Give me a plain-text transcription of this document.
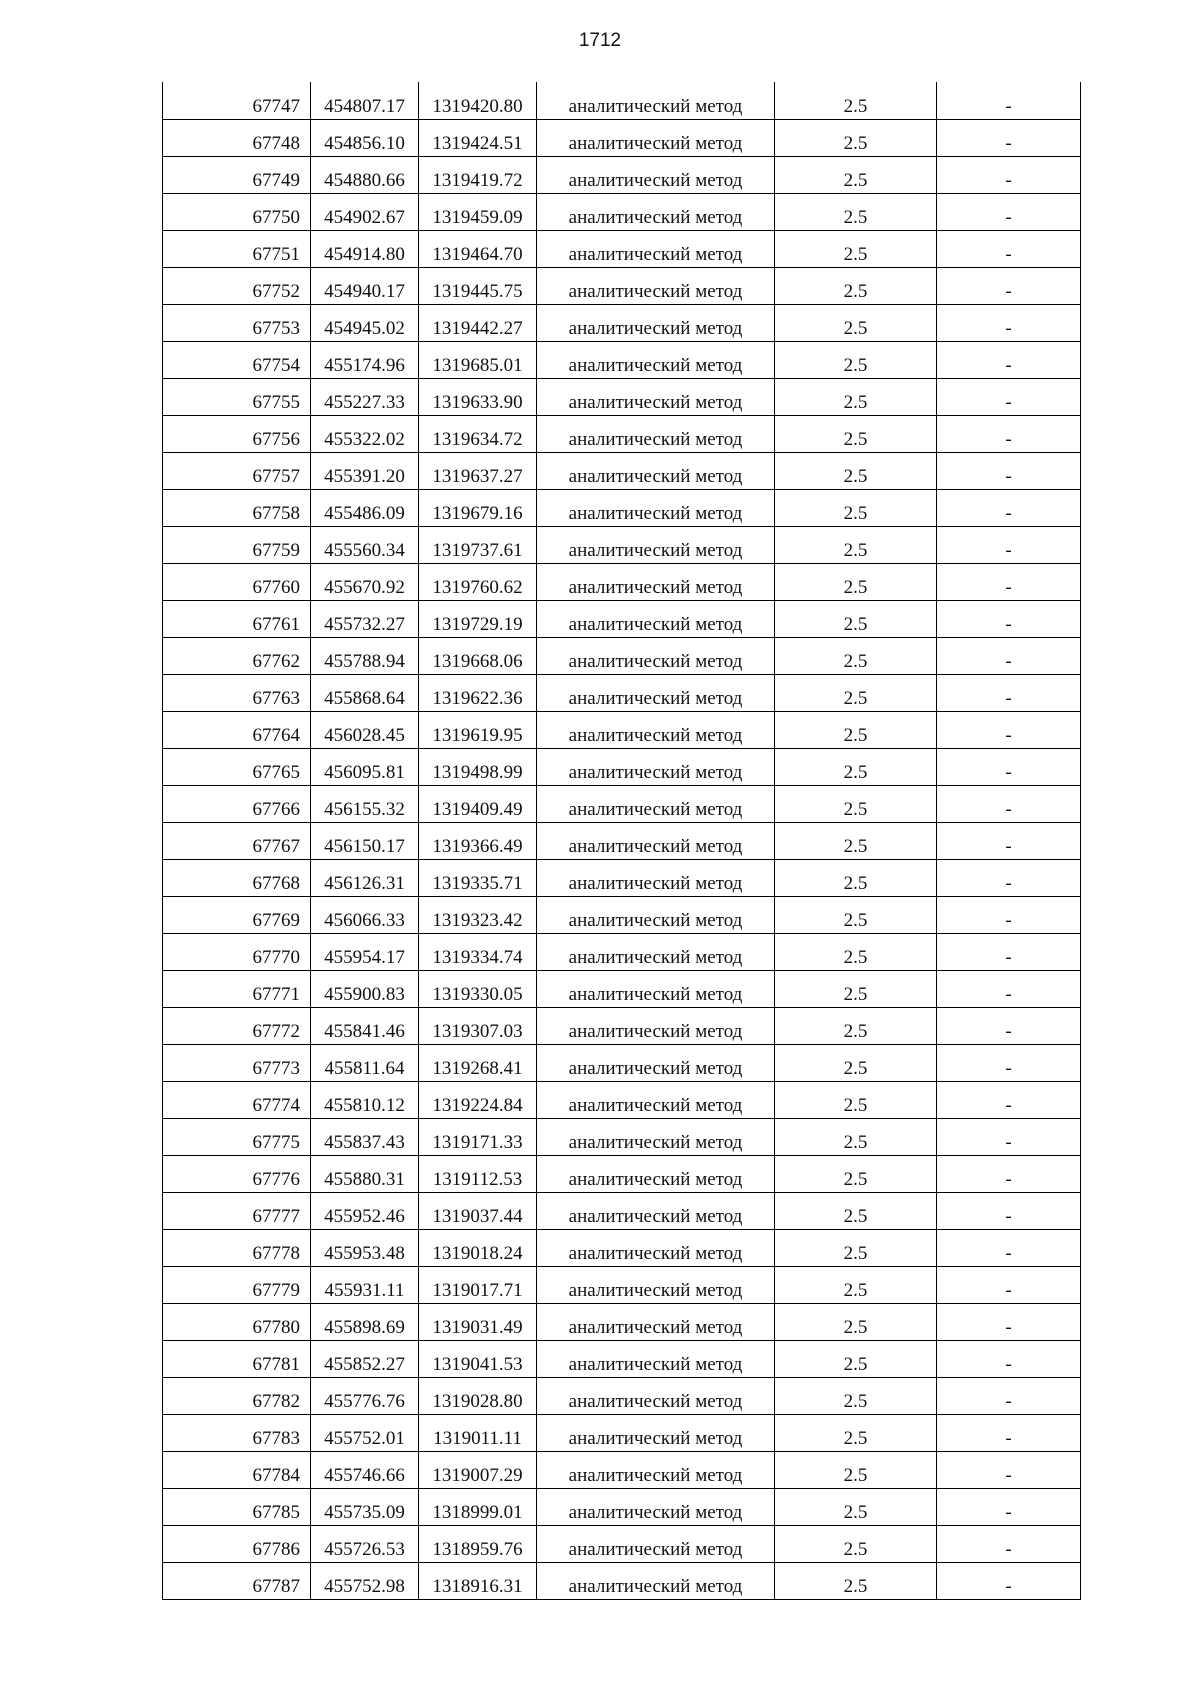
1712
67747	454807.17	1319420.80	аналитический метод	2.5	-
67748	454856.10	1319424.51	аналитический метод	2.5	-
67749	454880.66	1319419.72	аналитический метод	2.5	-
67750	454902.67	1319459.09	аналитический метод	2.5	-
67751	454914.80	1319464.70	аналитический метод	2.5	-
67752	454940.17	1319445.75	аналитический метод	2.5	-
67753	454945.02	1319442.27	аналитический метод	2.5	-
67754	455174.96	1319685.01	аналитический метод	2.5	-
67755	455227.33	1319633.90	аналитический метод	2.5	-
67756	455322.02	1319634.72	аналитический метод	2.5	-
67757	455391.20	1319637.27	аналитический метод	2.5	-
67758	455486.09	1319679.16	аналитический метод	2.5	-
67759	455560.34	1319737.61	аналитический метод	2.5	-
67760	455670.92	1319760.62	аналитический метод	2.5	-
67761	455732.27	1319729.19	аналитический метод	2.5	-
67762	455788.94	1319668.06	аналитический метод	2.5	-
67763	455868.64	1319622.36	аналитический метод	2.5	-
67764	456028.45	1319619.95	аналитический метод	2.5	-
67765	456095.81	1319498.99	аналитический метод	2.5	-
67766	456155.32	1319409.49	аналитический метод	2.5	-
67767	456150.17	1319366.49	аналитический метод	2.5	-
67768	456126.31	1319335.71	аналитический метод	2.5	-
67769	456066.33	1319323.42	аналитический метод	2.5	-
67770	455954.17	1319334.74	аналитический метод	2.5	-
67771	455900.83	1319330.05	аналитический метод	2.5	-
67772	455841.46	1319307.03	аналитический метод	2.5	-
67773	455811.64	1319268.41	аналитический метод	2.5	-
67774	455810.12	1319224.84	аналитический метод	2.5	-
67775	455837.43	1319171.33	аналитический метод	2.5	-
67776	455880.31	1319112.53	аналитический метод	2.5	-
67777	455952.46	1319037.44	аналитический метод	2.5	-
67778	455953.48	1319018.24	аналитический метод	2.5	-
67779	455931.11	1319017.71	аналитический метод	2.5	-
67780	455898.69	1319031.49	аналитический метод	2.5	-
67781	455852.27	1319041.53	аналитический метод	2.5	-
67782	455776.76	1319028.80	аналитический метод	2.5	-
67783	455752.01	1319011.11	аналитический метод	2.5	-
67784	455746.66	1319007.29	аналитический метод	2.5	-
67785	455735.09	1318999.01	аналитический метод	2.5	-
67786	455726.53	1318959.76	аналитический метод	2.5	-
67787	455752.98	1318916.31	аналитический метод	2.5	-
